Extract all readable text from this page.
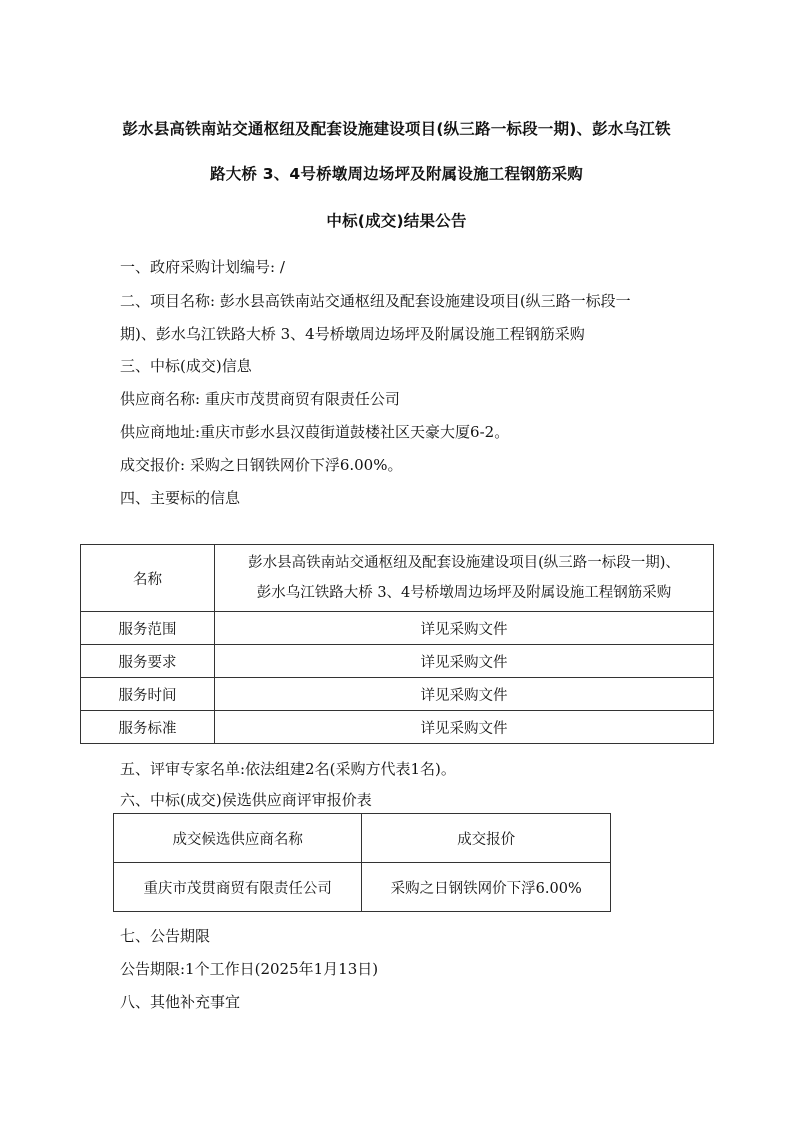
彭水县高铁南站交通枢纽及配套设施建设项目(纵三路一标段一期)、彭水乌江铁
路大桥 3、4号桥墩周边场坪及附属设施工程钢筋采购
中标(成交)结果公告
一、政府采购计划编号: /
二、项目名称: 彭水县高铁南站交通枢纽及配套设施建设项目(纵三路一标段一
期)、彭水乌江铁路大桥 3、4号桥墩周边场坪及附属设施工程钢筋采购
三、中标(成交)信息
供应商名称: 重庆市茂贯商贸有限责任公司
供应商地址:重庆市彭水县汉葭街道鼓楼社区天豪大厦6-2。
成交报价: 采购之日钢铁网价下浮6.00%。
四、主要标的信息
名称	彭水县高铁南站交通枢纽及配套设施建设项目(纵三路一标段一期)、
彭水乌江铁路大桥 3、4号桥墩周边场坪及附属设施工程钢筋采购

服务范围	详见采购文件
服务要求	详见采购文件
服务时间	详见采购文件
服务标准	详见采购文件
五、评审专家名单:依法组建2名(采购方代表1名)。
六、中标(成交)侯选供应商评审报价表
成交候选供应商名称	成交报价
重庆市茂贯商贸有限责任公司	采购之日钢铁网价下浮6.00%
七、公告期限
公告期限:1个工作日(2025年1月13日)
八、其他补充事宜
